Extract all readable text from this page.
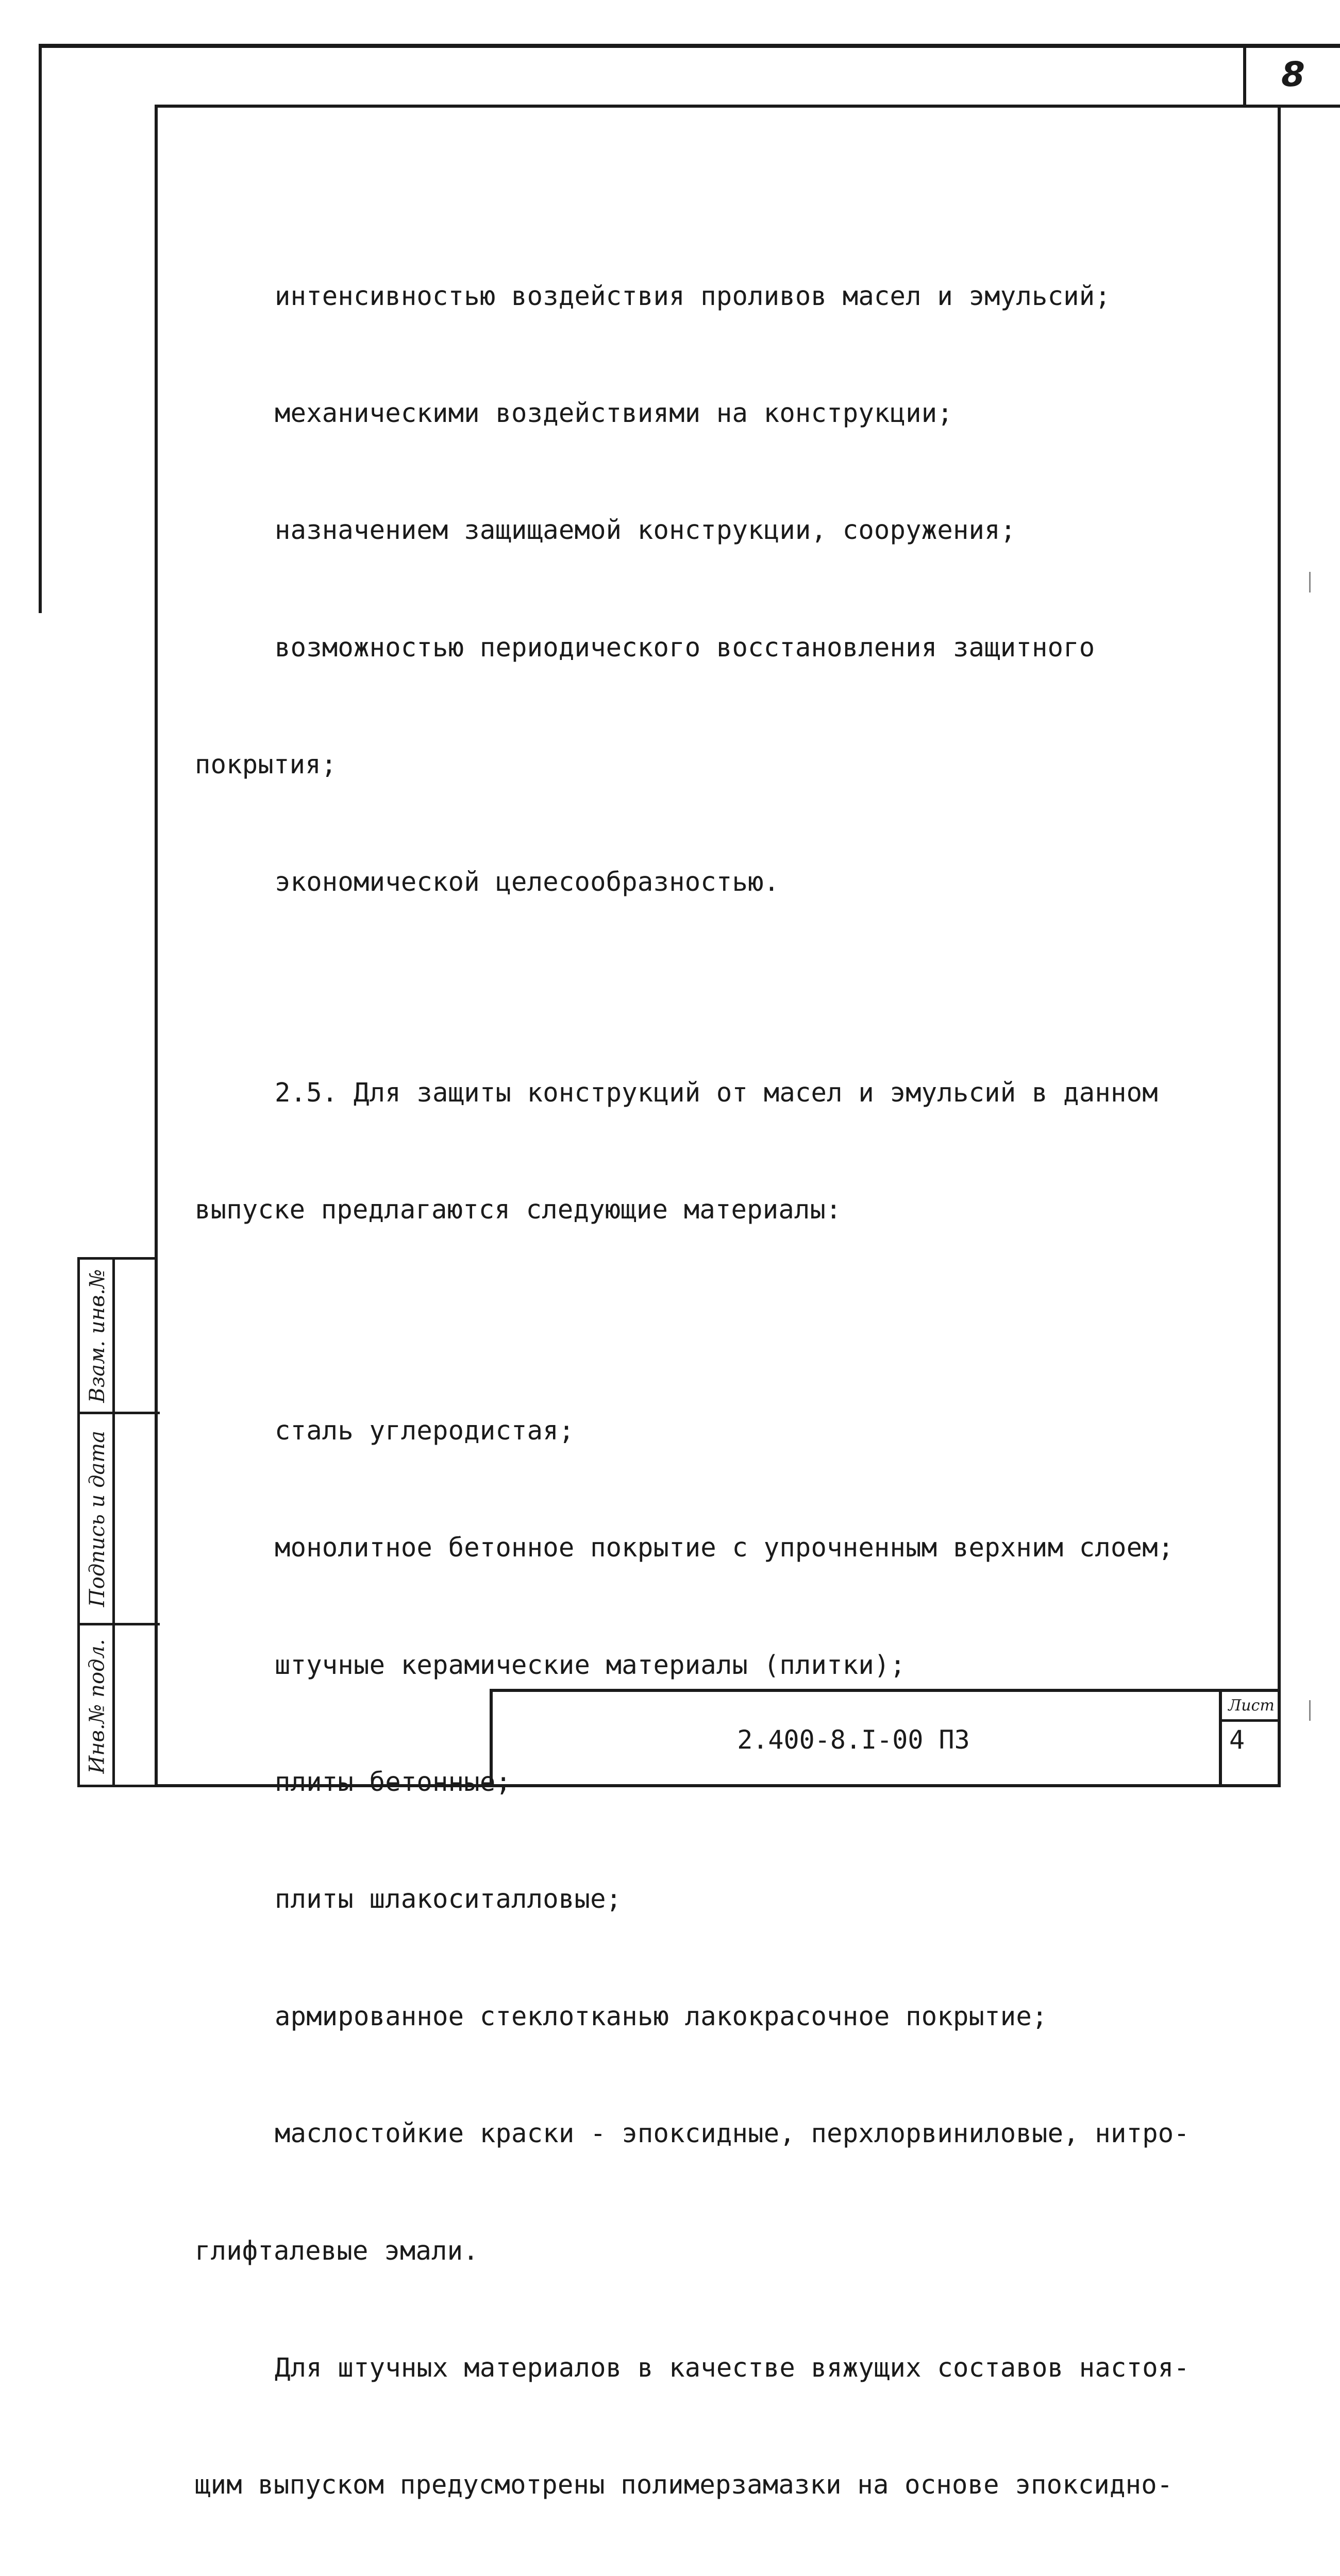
8

интенсивностью воздействия проливов масел и эмульсий;

механическими воздействиями на конструкции;

назначением защищаемой конструкции, сооружения;

возможностью периодического восстановления защитного

покрытия;

экономической целесообразностью.

2.5. Для защиты конструкций от масел и эмульсий в данном

выпуске предлагаются следующие материалы:

сталь углеродистая;

монолитное бетонное покрытие с упрочненным верхним слоем;

штучные керамические материалы (плитки);

плиты бетонные;

плиты шлакоситалловые;

армированное стеклотканью лакокрасочное покрытие;

маслостойкие краски - эпоксидные, перхлорвиниловые, нитро-

глифталевые эмали.

Для штучных материалов в качестве вяжущих составов настоя-

щим выпуском предусмотрены полимерзамазки на основе эпоксидно-

Взам. инв.№
Подпись и дата
Инв.№ подл.	2.400-8.I-00 ПЗ
Лист
4
